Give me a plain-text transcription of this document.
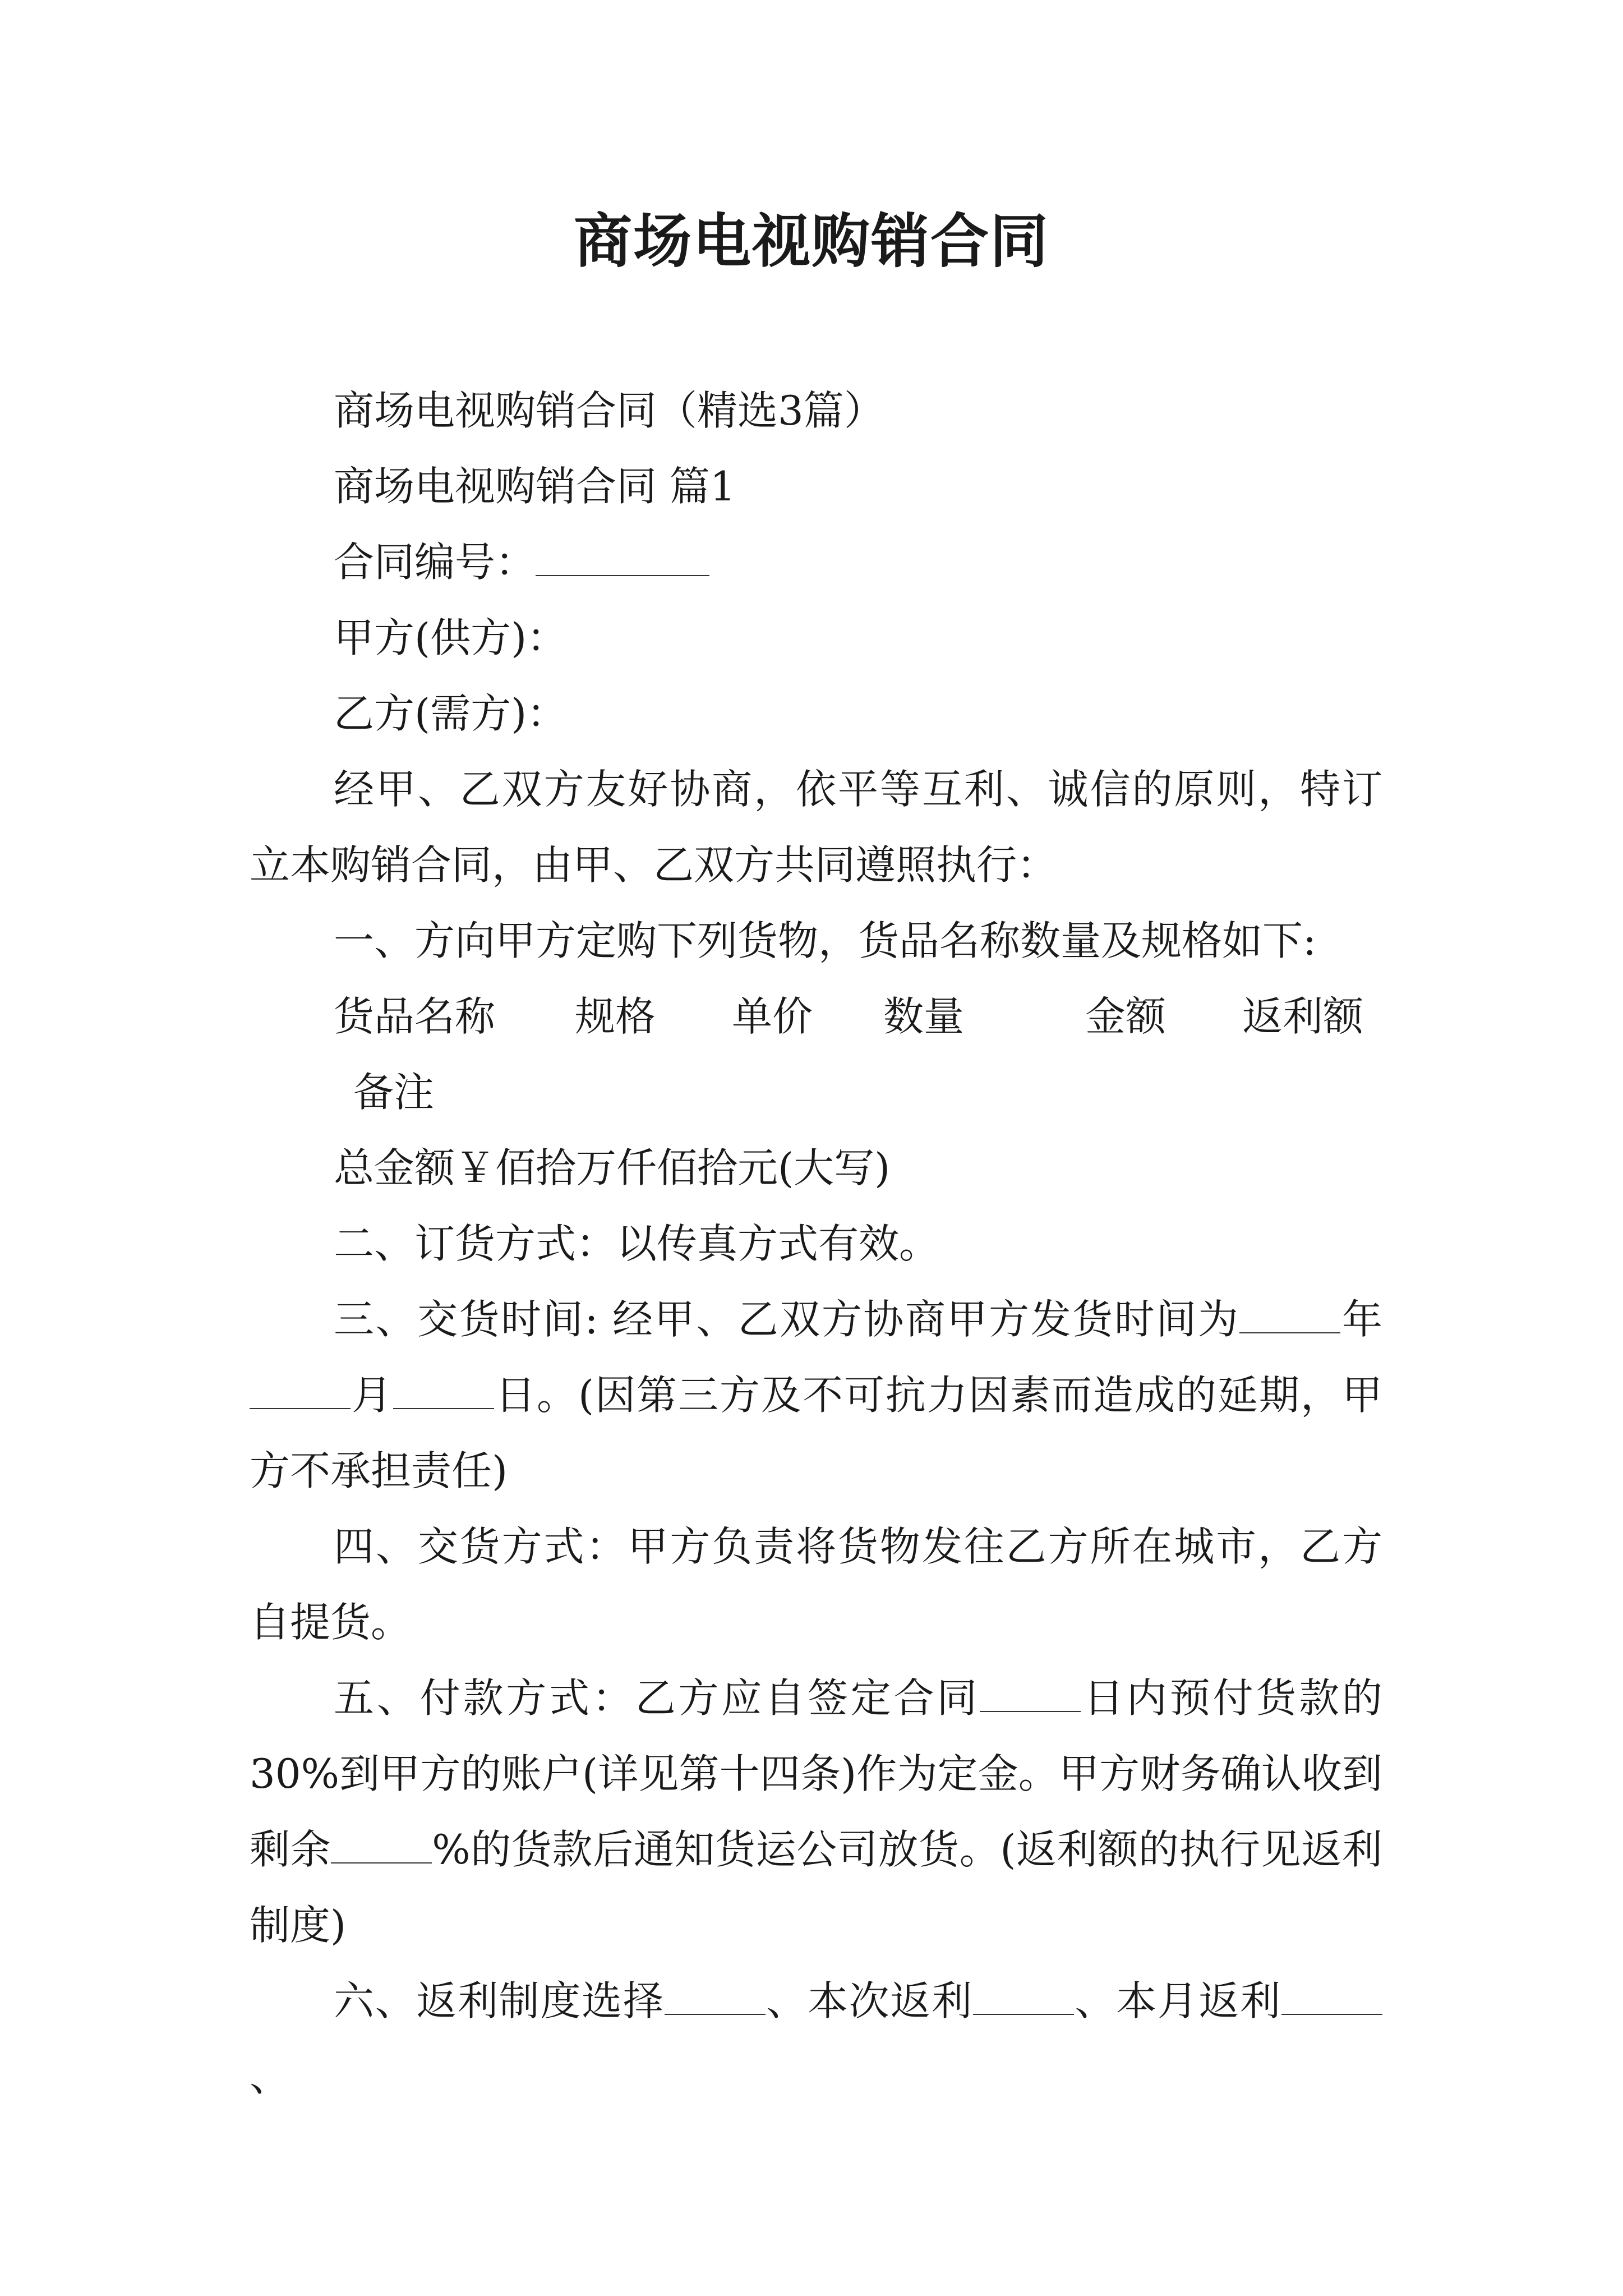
商场电视购销合同

商场电视购销合同（精选3篇）

商场电视购销合同 篇1

合同编号：

甲方(供方)：

乙方(需方)：

经甲、乙双方友好协商，依平等互利、诚信的原则，特订立本购销合同，由甲、乙双方共同遵照执行：

一、方向甲方定购下列货物，货品名称数量及规格如下:

货品名称	规格	单价	数量	金额	返利额

备注

总金额￥佰拾万仟佰拾元(大写)

二、订货方式：以传真方式有效。

三、交货时间: 经甲、乙双方协商甲方发货时间为	年月	日。(因第三方及不可抗力因素而造成的延期，甲方不承担责任)

四、交货方式：甲方负责将货物发往乙方所在城市，乙方自提货。

五、付款方式：乙方应自签定合同	日内预付货款的30%到甲方的账户(详见第十四条)作为定金。甲方财务确认收到剩余	%的货款后通知货运公司放货。(返利额的执行见返利制度)

六、返利制度选择	、本次返利	、本月返利、
